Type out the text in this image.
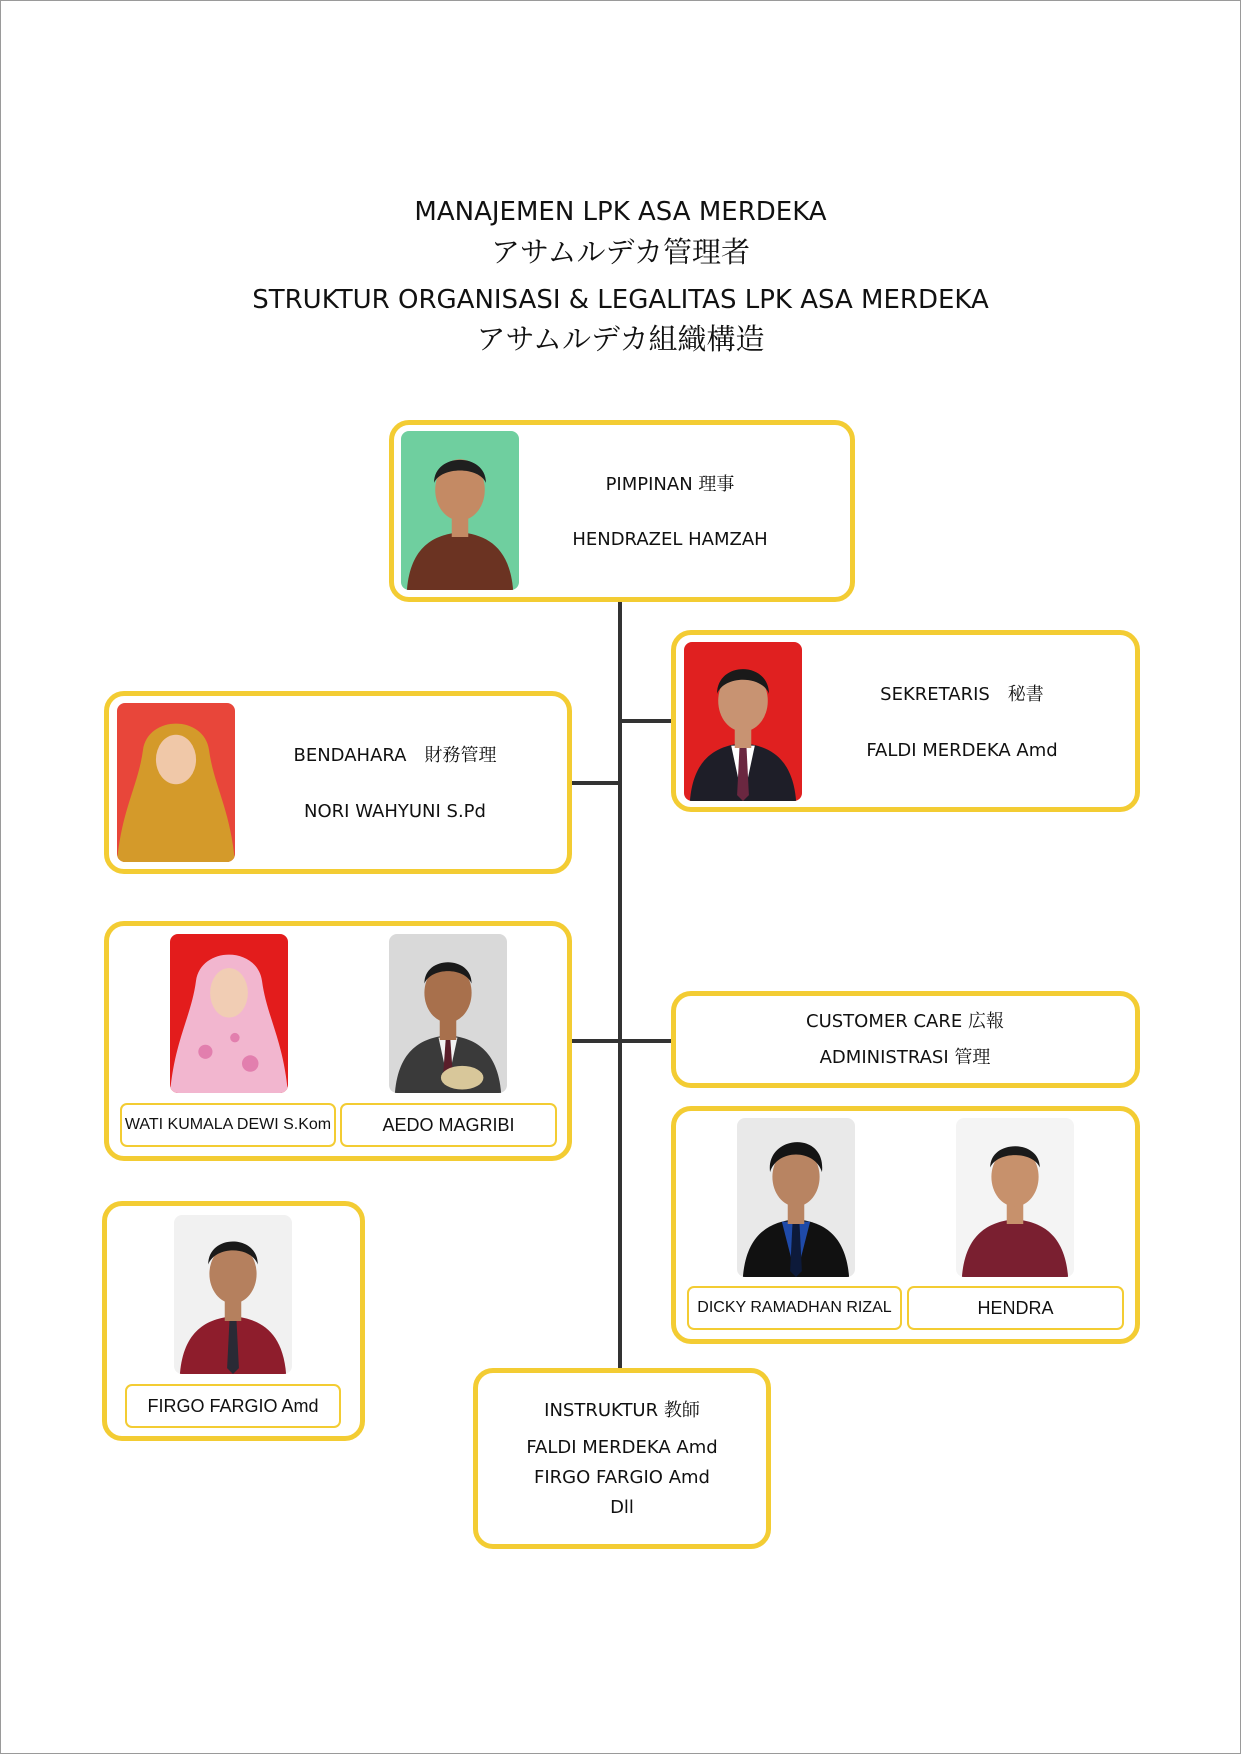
MANAJEMEN LPK ASA MERDEKA
アサムルデカ管理者
STRUKTUR ORGANISASI & LEGALITAS LPK ASA MERDEKA
アサムルデカ組織構造
PIMPINAN 理事
HENDRAZEL HAMZAH
SEKRETARIS　秘書
FALDI MERDEKA Amd
BENDAHARA　財務管理
NORI WAHYUNI S.Pd
WATI KUMALA DEWI S.Kom	AEDO MAGRIBI
CUSTOMER CARE 広報
ADMINISTRASI 管理
DICKY RAMADHAN RIZAL	HENDRA
FIRGO FARGIO Amd	INSTRUKTUR 教師
FALDI MERDEKA Amd
FIRGO FARGIO Amd
Dll
